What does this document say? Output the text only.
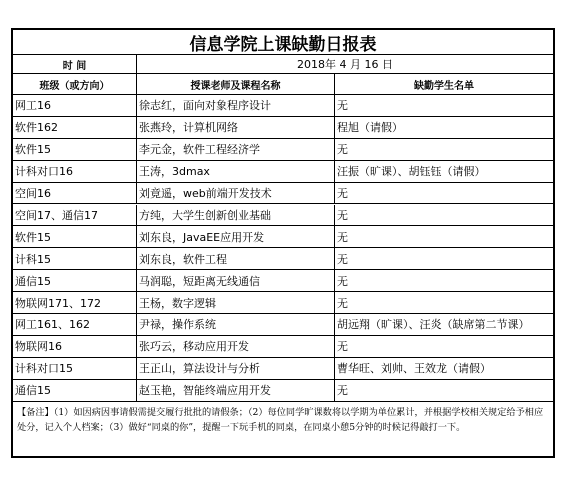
信息学院上课缺勤日报表
时 间	2018年 4 月 16 日
班级（或方向）	授课老师及课程名称	缺勤学生名单
网工16	徐志红，面向对象程序设计	无
软件162	张燕玲，计算机网络	程旭（请假）
软件15	李元金，软件工程经济学	无
计科对口16	王涛，3dmax	汪振（旷课）、胡钰钰（请假）
空间16	刘竟遥，web前端开发技术	无
空间17、通信17	方纯，大学生创新创业基础	无
软件15	刘东良，JavaEE应用开发	无
计科15	刘东良，软件工程	无
通信15	马润聪，短距离无线通信	无
物联网171、172	王杨，数字逻辑	无
网工161、162	尹禄，操作系统	胡远翔（旷课）、汪炎（缺席第二节课）
物联网16	张巧云，移动应用开发	无
计科对口15	王正山，算法设计与分析	曹华旺、刘帅、王效龙（请假）
通信15	赵玉艳，智能终端应用开发	无
【备注】（1）如因病因事请假需提交履行批批的请假条；（2）每位同学旷课数将以学期为单位累计，并根据学校相关规定给予相应处分，记入个人档案；（3）做好“同桌的你”，提醒一下玩手机的同桌，在同桌小憩5分钟的时候记得敲打一下。
